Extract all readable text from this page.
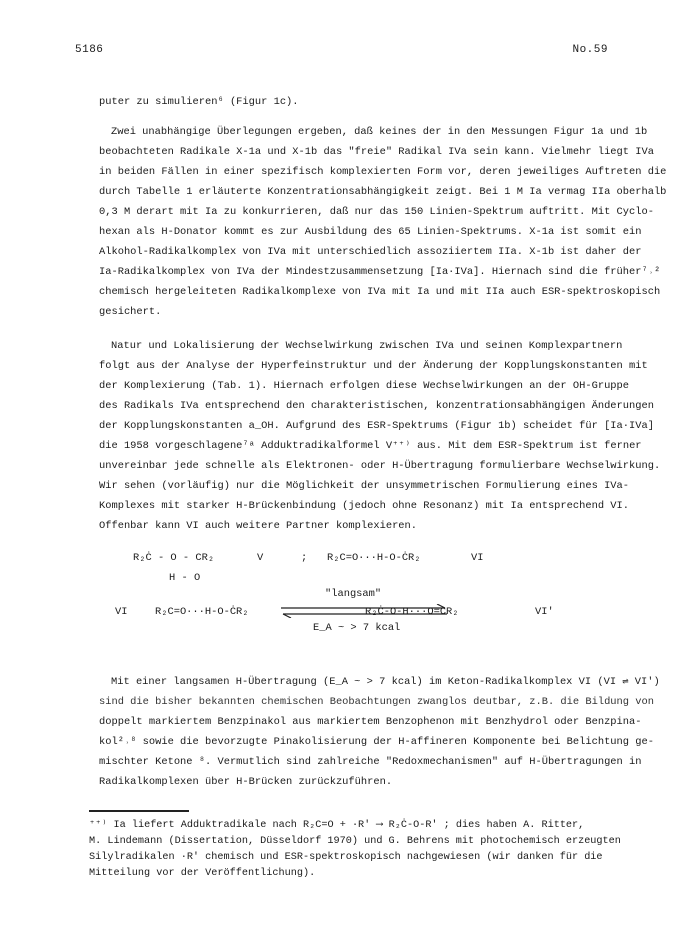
5186	No.59
puter zu simulieren⁶ (Figur 1c).
Zwei unabhängige Überlegungen ergeben, daß keines der in den Messungen Figur 1a und 1b
beobachteten Radikale X-1a und X-1b das "freie" Radikal IVa sein kann. Vielmehr liegt IVa
in beiden Fällen in einer spezifisch komplexierten Form vor, deren jeweiliges Auftreten die
durch Tabelle 1 erläuterte Konzentrationsabhängigkeit zeigt. Bei 1 M Ia vermag IIa oberhalb
0,3 M derart mit Ia zu konkurrieren, daß nur das 150 Linien-Spektrum auftritt. Mit Cyclo-
hexan als H-Donator kommt es zur Ausbildung des 65 Linien-Spektrums. X-1a ist somit ein
Alkohol-Radikalkomplex von IVa mit unterschiedlich assoziiertem IIa. X-1b ist daher der
Ia-Radikalkomplex von IVa der Mindestzusammensetzung [Ia·IVa]. Hiernach sind die früher⁷˒²
chemisch hergeleiteten Radikalkomplexe von IVa mit Ia und mit IIa auch ESR-spektroskopisch
gesichert.
Natur und Lokalisierung der Wechselwirkung zwischen IVa und seinen Komplexpartnern
folgt aus der Analyse der Hyperfeinstruktur und der Änderung der Kopplungskonstanten mit
der Komplexierung (Tab. 1). Hiernach erfolgen diese Wechselwirkungen an der OH-Gruppe
des Radikals IVa entsprechend den charakteristischen, konzentrationsabhängigen Änderungen
der Kopplungskonstanten a_OH. Aufgrund des ESR-Spektrums (Figur 1b) scheidet für [Ia·IVa]
die 1958 vorgeschlagene⁷ᵃ Adduktradikalformel V⁺⁺⁾ aus. Mit dem ESR-Spektrum ist ferner
unvereinbar jede schnelle als Elektronen- oder H-Übertragung formulierbare Wechselwirkung.
Wir sehen (vorläufig) nur die Möglichkeit der unsymmetrischen Formulierung eines IVa-
Komplexes mit starker H-Brückenbindung (jedoch ohne Resonanz) mit Ia entsprechend VI.
Offenbar kann VI auch weitere Partner komplexieren.
R₂Ċ - O - CR₂
H - O
V	; R₂C=O···H-O-ĊR₂	VI
VI	R₂C=O···H-O-ĊR₂
"langsam"
E_A ~ > 7 kcal
R₂Ċ-O-H···O=CR₂	VI'
Mit einer langsamen H-Übertragung (E_A ~ > 7 kcal) im Keton-Radikalkomplex VI (VI ⇌ VI')
sind die bisher bekannten chemischen Beobachtungen zwanglos deutbar, z.B. die Bildung von
doppelt markiertem Benzpinakol aus markiertem Benzophenon mit Benzhydrol oder Benzpina-
kol²˒⁸ sowie die bevorzugte Pinakolisierung der H-affineren Komponente bei Belichtung ge-
mischter Ketone ⁸. Vermutlich sind zahlreiche "Redoxmechanismen" auf H-Übertragungen in
Radikalkomplexen über H-Brücken zurückzuführen.
⁺⁺⁾ Ia liefert Adduktradikale nach R₂C=O + ·R' ⟶ R₂Ċ-O-R' ; dies haben A. Ritter,
M. Lindemann (Dissertation, Düsseldorf 1970) und G. Behrens mit photochemisch erzeugten
Silylradikalen ·R' chemisch und ESR-spektroskopisch nachgewiesen (wir danken für die
Mitteilung vor der Veröffentlichung).
